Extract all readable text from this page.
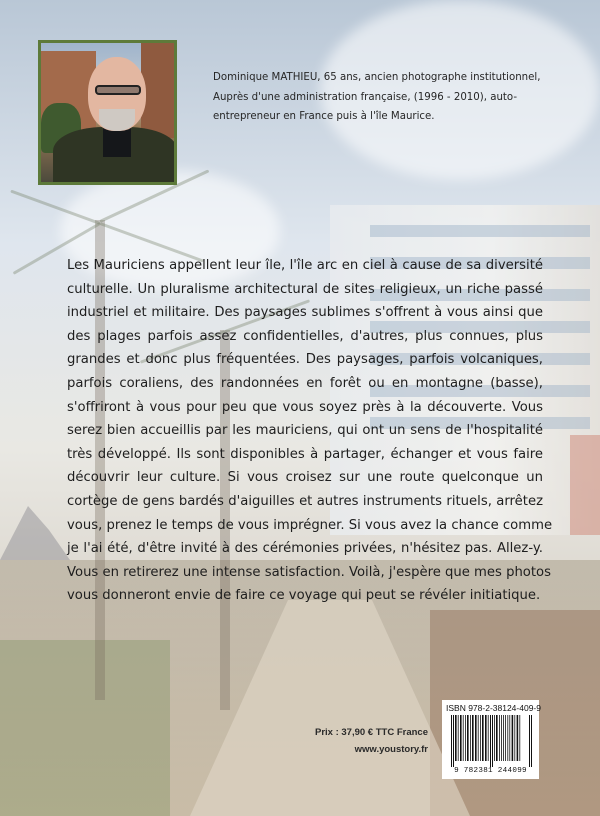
Dominique MATHIEU, 65 ans, ancien photographe institutionnel,
Auprès d'une administration française, (1996 - 2010), auto-
entrepreneur en France puis à l'île Maurice.
Les Mauriciens appellent leur île, l'île arc en ciel à cause de sa diversité
culturelle. Un pluralisme architectural de sites religieux, un riche passé
industriel et militaire. Des paysages sublimes s'offrent à vous ainsi que
des plages parfois assez confidentielles, d'autres, plus connues, plus
grandes et donc plus fréquentées. Des paysages, parfois volcaniques,
parfois coraliens, des randonnées en forêt ou en montagne (basse),
s'offriront à vous pour peu que vous soyez près à la découverte. Vous
serez bien accueillis par les mauriciens, qui ont un sens de l'hospitalité
très développé. Ils sont disponibles à partager, échanger et vous faire
découvrir leur culture. Si vous croisez sur une route quelconque un
cortège de gens bardés d'aiguilles et autres instruments rituels, arrêtez
vous, prenez le temps de vous imprégner. Si vous avez la chance comme
je l'ai été, d'être invité à des cérémonies privées, n'hésitez pas. Allez-y.
Vous en retirerez une intense satisfaction. Voilà, j'espère que mes photos
vous donneront envie de faire ce voyage qui peut se révéler initiatique.
Prix : 37,90 € TTC France
www.youstory.fr
ISBN 978-2-38124-409-9
9 782381 244099
